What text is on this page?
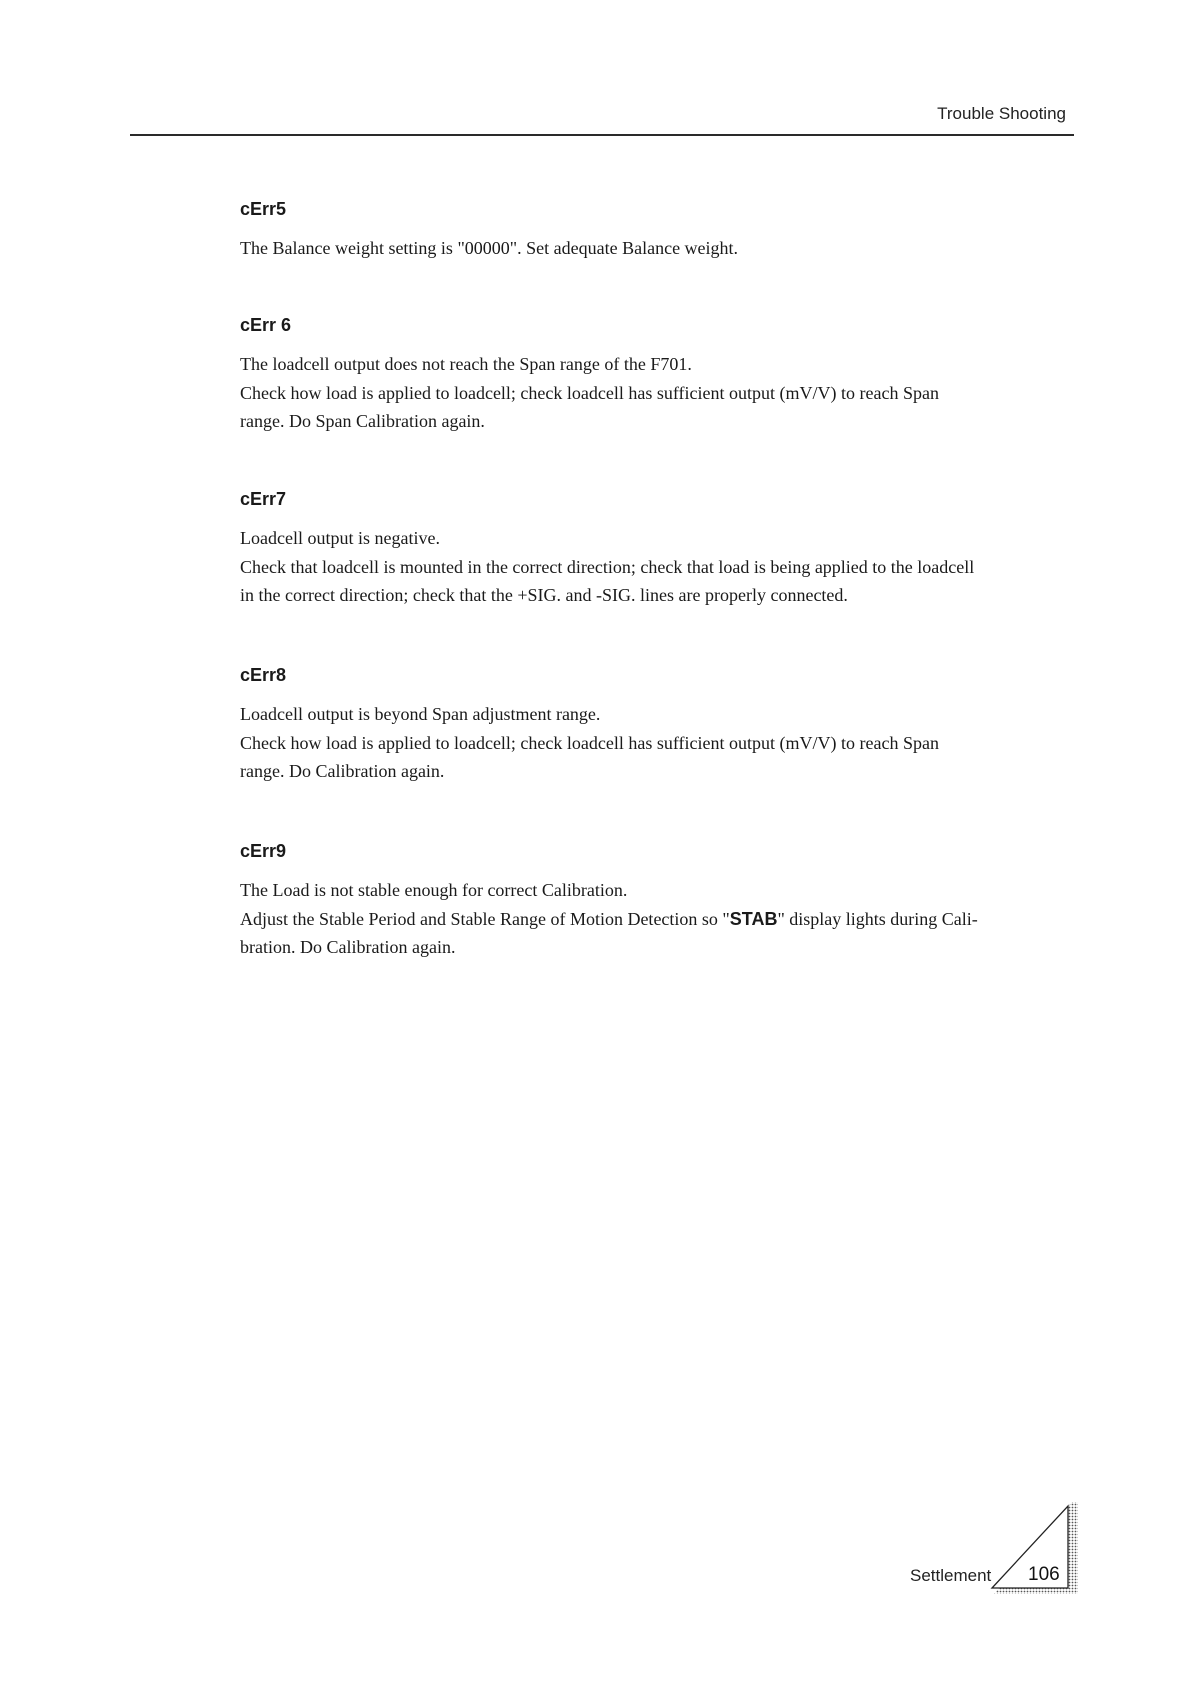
Trouble Shooting
cErr5

The Balance weight setting is "00000". Set adequate Balance weight.

cErr 6

The loadcell output does not reach the Span range of the F701.

Check how load is applied to loadcell; check loadcell has sufficient output (mV/V) to reach Span

range. Do Span Calibration again.

cErr7

Loadcell output is negative.

Check that loadcell is mounted in the correct direction; check that load is being applied to the loadcell

in the correct direction; check that the +SIG. and -SIG. lines are properly connected.

cErr8

Loadcell output is beyond Span adjustment range.

Check how load is applied to loadcell; check loadcell has sufficient output (mV/V) to reach Span

range. Do Calibration again.

cErr9

The Load is not stable enough for correct Calibration.

Adjust the Stable Period and Stable Range of Motion Detection so "STAB" display lights during Cali-

bration. Do Calibration again.

Settlement 106
